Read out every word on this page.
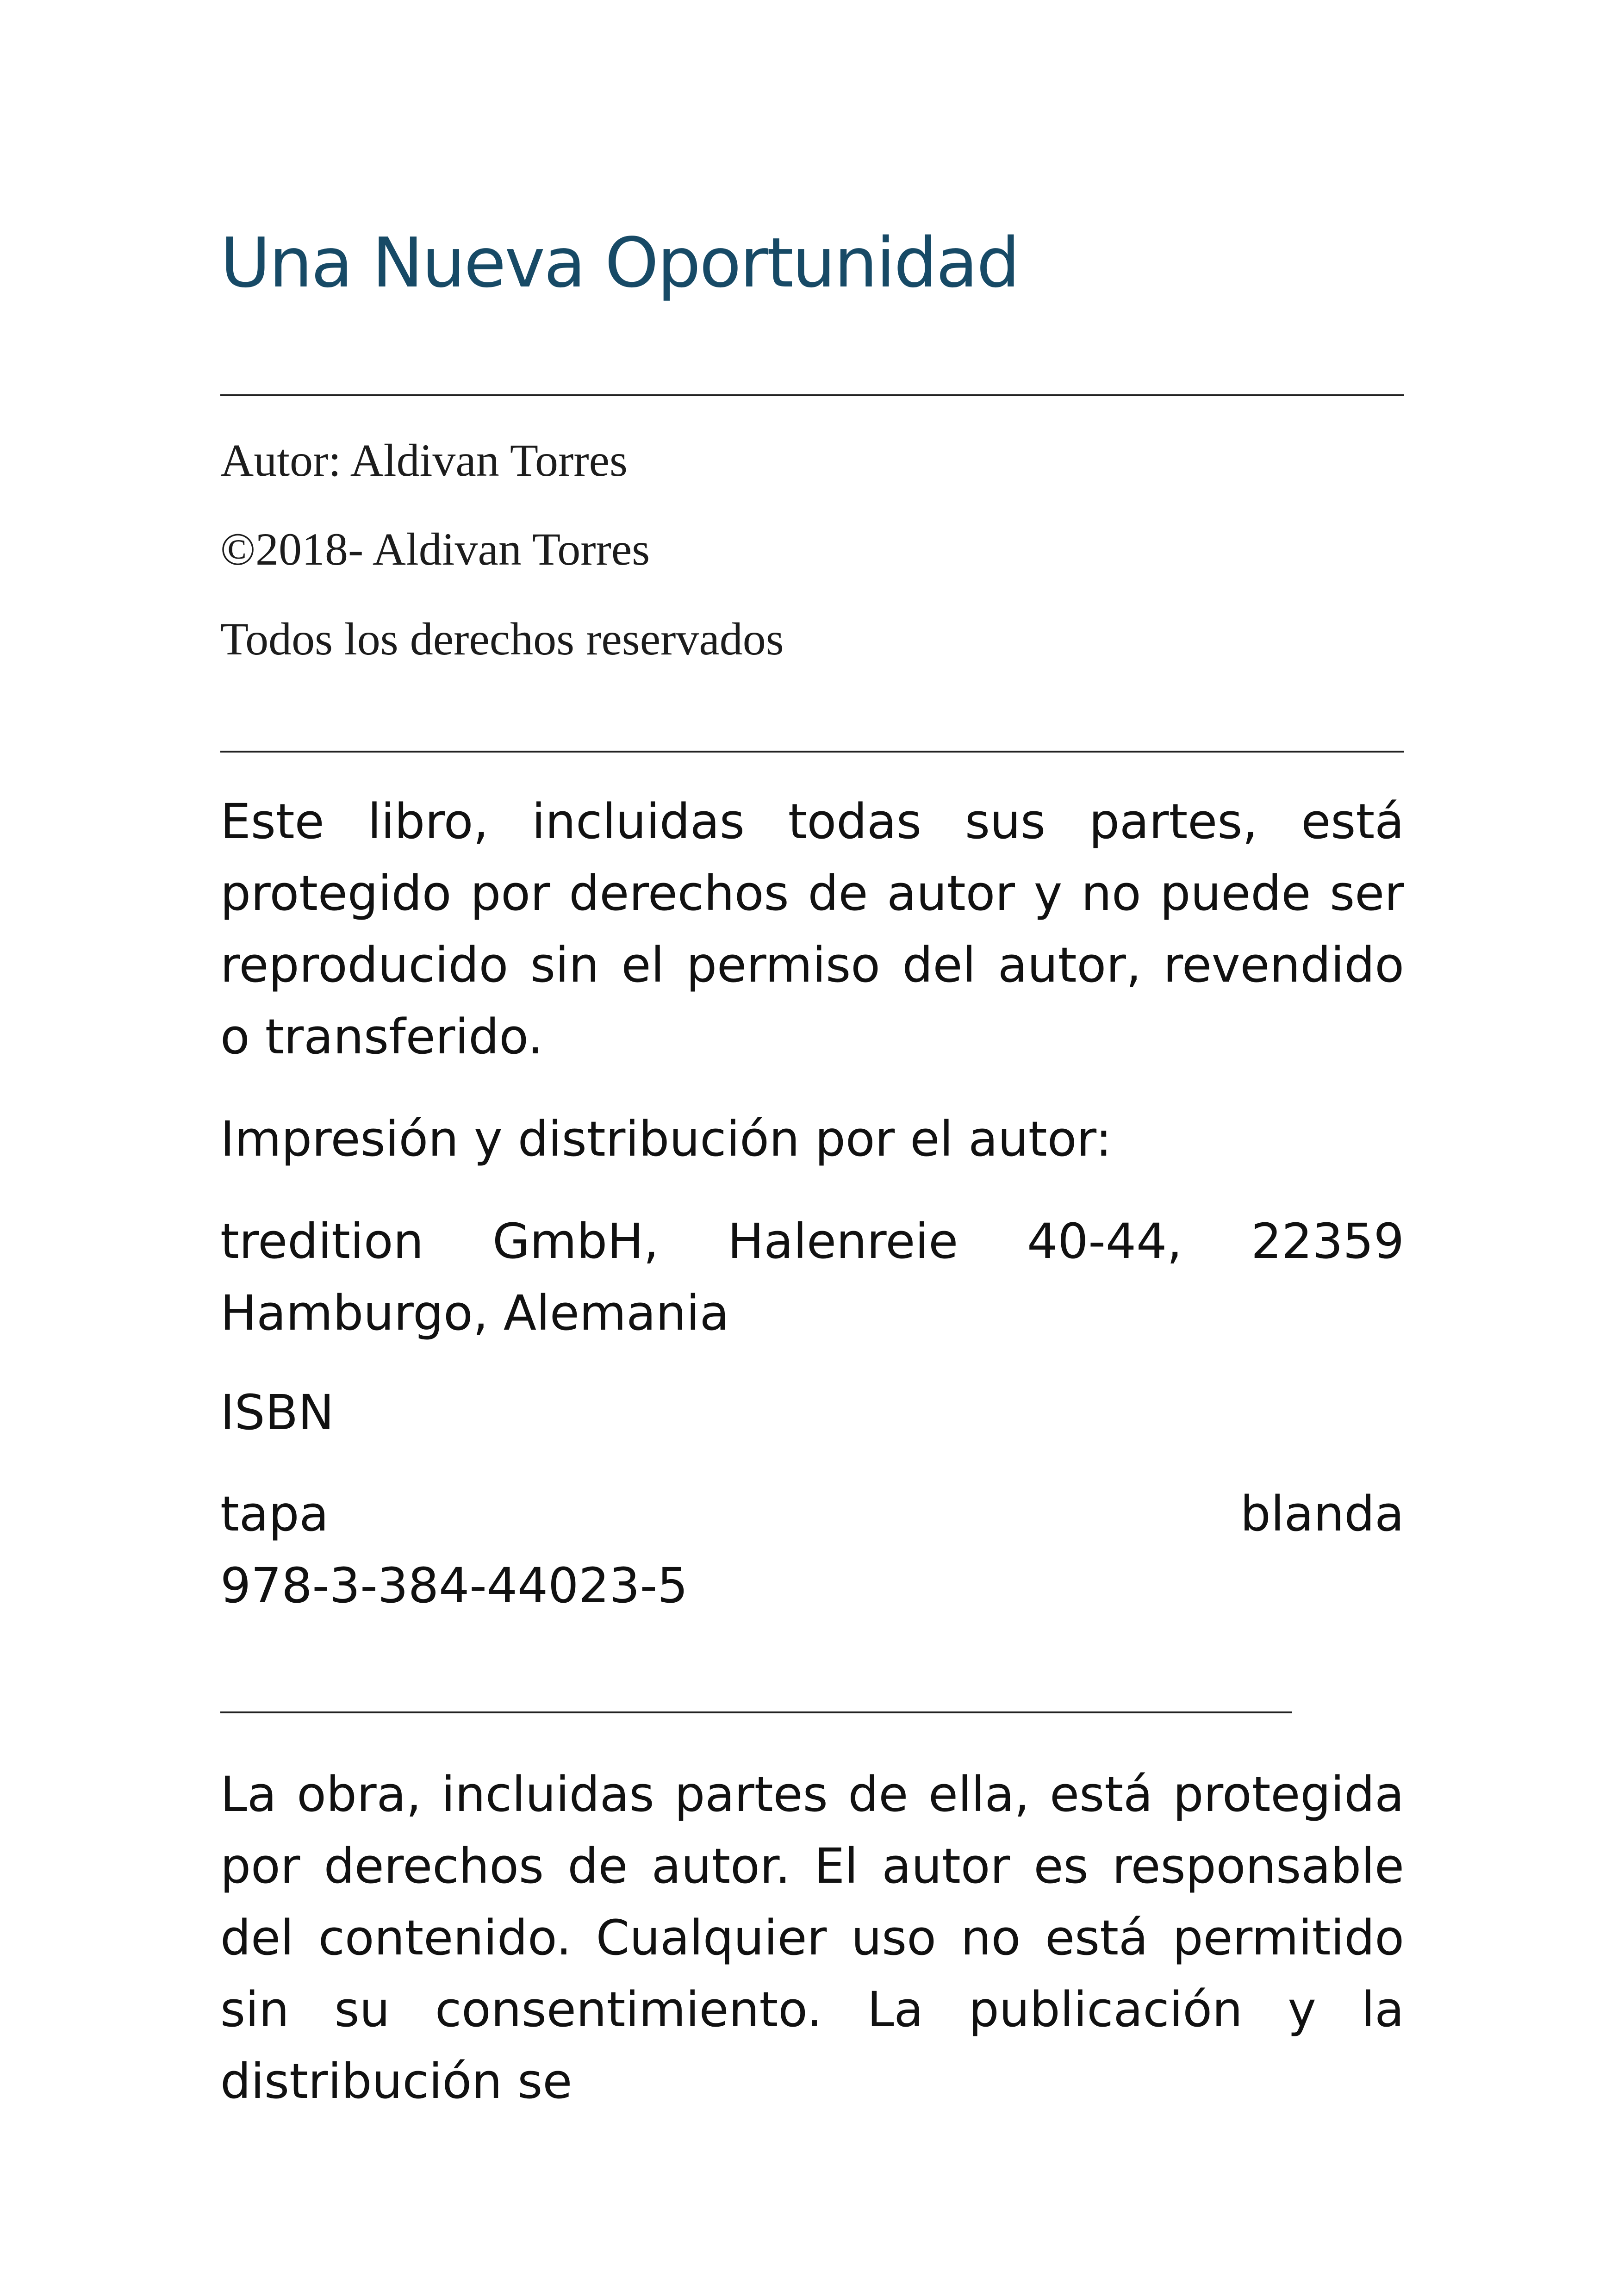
Una Nueva Oportunidad

Autor: Aldivan Torres

©2018- Aldivan Torres

Todos los derechos reservados

Este libro, incluidas todas sus partes, está protegido por derechos de autor y no puede ser reproducido sin el permiso del autor, revendido o transferido.

Impresión y distribución por el autor:

tredition GmbH, Halenreie 40-44, 22359 Hamburgo, Alemania

ISBN

tapa	blanda
978-3-384-44023-5

La obra, incluidas partes de ella, está protegida por derechos de autor. El autor es responsable del contenido. Cualquier uso no está permitido sin su consentimiento. La publicación y la distribución se
